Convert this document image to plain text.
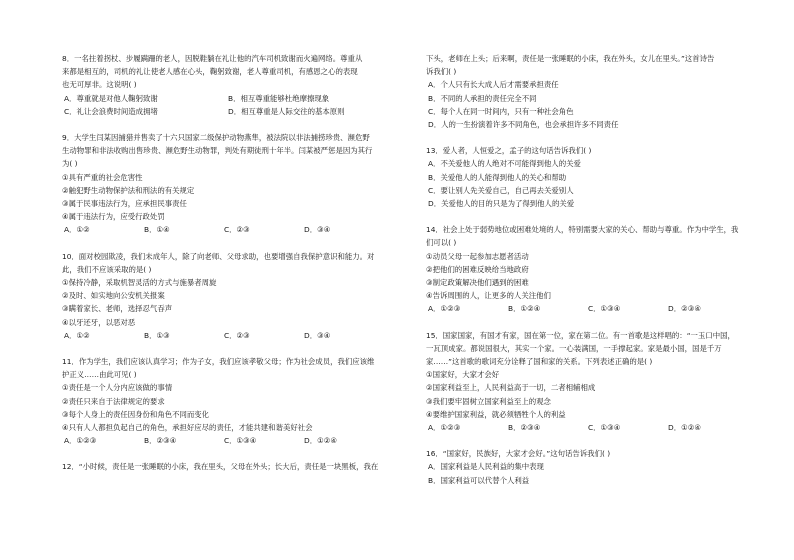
8．一名拄着拐杖、步履蹒跚的老人，因脱鞋躺在礼让他的汽车司机致谢而火遍网络。尊重从
来都是相互的，司机的礼让使老人感在心头，鞠躬致谢，老人尊重司机，有感恩之心的表现
也无可厚非。这说明( )
A．尊重就是对他人鞠躬致谢	B．相互尊重能够杜绝摩擦现象
C．礼让会浪费时间造成拥堵	D．相互尊重是人际交往的基本原则
9．大学生闫某因捕猎并售卖了十六只国家二级保护动物燕隼，被法院以非法捕捞珍贵、濒危野
生动物罪和非法收购出售珍贵、濒危野生动物罪，判处有期徒刑十年半。闫某被严惩是因为其行
为( )
①具有严重的社会危害性
②触犯野生动物保护法和刑法的有关规定
③属于民事违法行为，应承担民事责任
④属于违法行为，应受行政处罚
A．①②	B．①④	C．②③	D．③④
10．面对校园欺凌，我们未成年人，除了向老师、父母求助，也要增强自我保护意识和能力。对
此，我们不应该采取的是( )
①保持冷静，采取机智灵活的方式与施暴者周旋
②及时、如实地向公安机关报案
③瞒着家长、老师，选择忍气吞声
④以牙还牙，以恶对恶
A．①②	B．①③	C．②③	D．③④
11．作为学生，我们应该认真学习；作为子女，我们应该孝敬父母；作为社会成员，我们应该维
护正义……由此可见( )
①责任是一个人分内应该做的事情
②责任只来自于法律规定的要求
③每个人身上的责任因身份和角色不同而变化
④只有人人都担负起自己的角色，承担好应尽的责任，才能共建和谐美好社会
A．①②③	B．②③④	C．①③④	D．①②④
12．“小时候，责任是一张睡眠的小床，我在里头，父母在外头；长大后，责任是一块黑板，我在
下头，老师在上头；后来啊，责任是一张睡眠的小床，我在外头，女儿在里头。”这首诗告
诉我们( )
A．个人只有长大成人后才需要承担责任
B．不同的人承担的责任完全不同
C．每个人在同一时间内，只有一种社会角色
D．人的一生扮演着许多不同角色，也会承担许多不同责任
13．爱人者，人恒爱之，孟子的这句话告诉我们( )
A．不关爱他人的人绝对不可能得到他人的关爱
B．关爱他人的人能得到他人的关心和帮助
C．要让别人先关爱自己，自己再去关爱别人
D．关爱他人的目的只是为了得到他人的关爱
14．社会上处于弱势地位或困难处境的人，特别需要大家的关心、帮助与尊重。作为中学生，我
们可以( )
①动员父母一起参加志愿者活动
②把他们的困难反映给当地政府
③制定政策解决他们遇到的困难
④告诉周围的人，让更多的人关注他们
A．①②③	B．①②④	C．①③④	D．②③④
15．国家国家，有国才有家，国在第一位，家在第二位。有一首歌是这样唱的：“一玉口中国，
一瓦顶成家。都说国很大，其实一个家。一心装满国，一手撑起家。家是最小国，国是千万
家……”这首歌的歌词充分诠释了国和家的关系。下列表述正确的是( )
①国家好，大家才会好
②国家利益至上，人民利益高于一切，二者相辅相成
③我们要牢固树立国家利益至上的观念
④要维护国家利益，就必须牺牲个人的利益
A．①②③	B．②③④	C．①③④	D．①②④
16．“国家好，民族好，大家才会好。”这句话告诉我们( )
A．国家利益是人民利益的集中表现
B．国家利益可以代替个人利益
